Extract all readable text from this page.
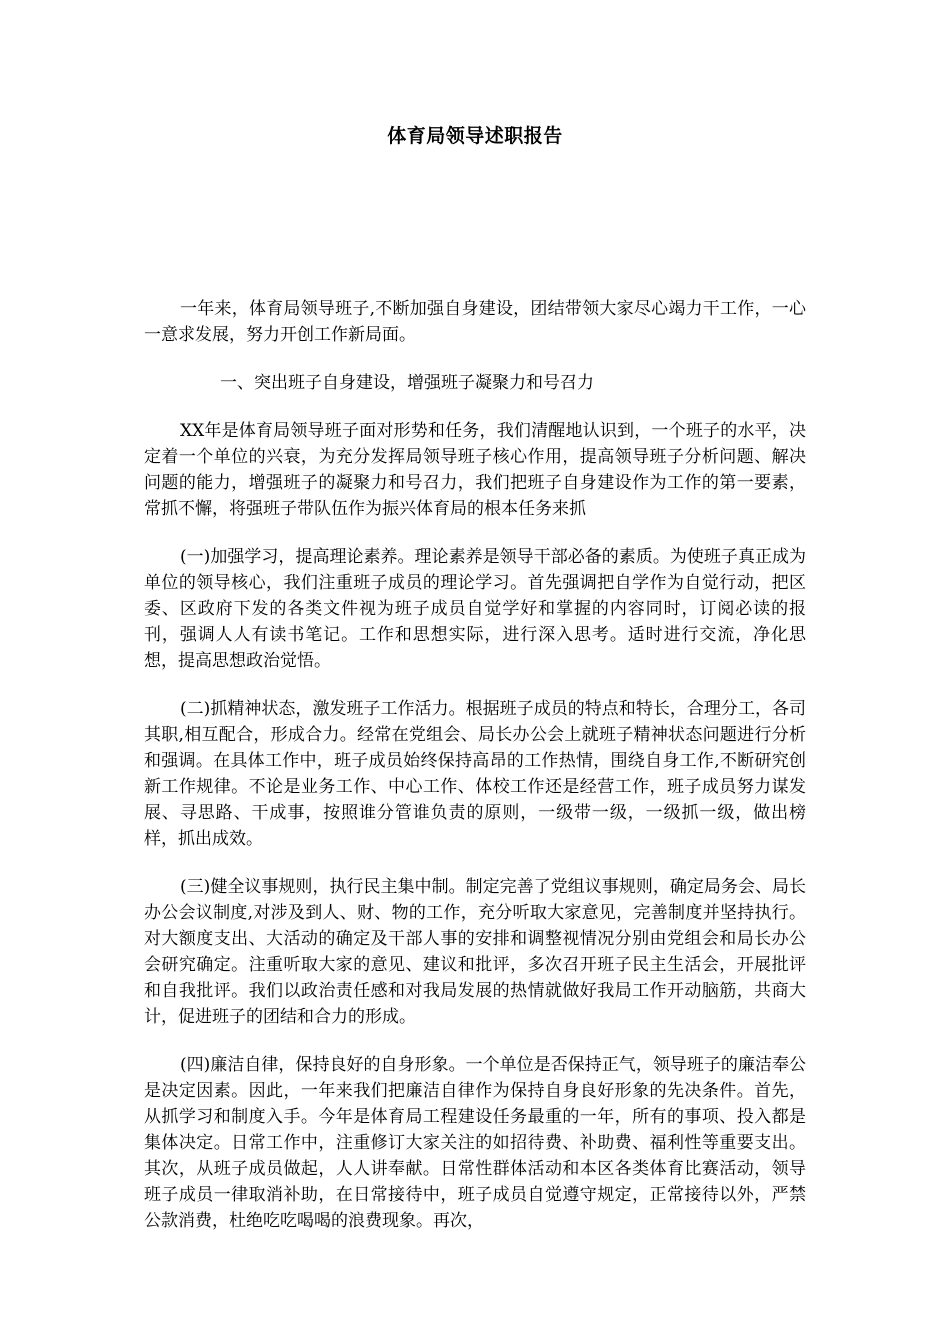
体育局领导述职报告

一年来，体育局领导班子,不断加强自身建设，团结带领大家尽心竭力干工作，一心一意求发展，努力开创工作新局面。

一、突出班子自身建设，增强班子凝聚力和号召力

XX年是体育局领导班子面对形势和任务，我们清醒地认识到，一个班子的水平，决定着一个单位的兴衰，为充分发挥局领导班子核心作用，提高领导班子分析问题、解决问题的能力，增强班子的凝聚力和号召力，我们把班子自身建设作为工作的第一要素，常抓不懈，将强班子带队伍作为振兴体育局的根本任务来抓

(一)加强学习，提高理论素养。理论素养是领导干部必备的素质。为使班子真正成为单位的领导核心，我们注重班子成员的理论学习。首先强调把自学作为自觉行动，把区委、区政府下发的各类文件视为班子成员自觉学好和掌握的内容同时，订阅必读的报刊，强调人人有读书笔记。工作和思想实际，进行深入思考。适时进行交流，净化思想，提高思想政治觉悟。

(二)抓精神状态，激发班子工作活力。根据班子成员的特点和特长，合理分工，各司其职,相互配合，形成合力。经常在党组会、局长办公会上就班子精神状态问题进行分析和强调。在具体工作中，班子成员始终保持高昂的工作热情，围绕自身工作,不断研究创新工作规律。不论是业务工作、中心工作、体校工作还是经营工作，班子成员努力谋发展、寻思路、干成事，按照谁分管谁负责的原则，一级带一级，一级抓一级，做出榜样，抓出成效。

(三)健全议事规则，执行民主集中制。制定完善了党组议事规则，确定局务会、局长办公会议制度,对涉及到人、财、物的工作，充分听取大家意见，完善制度并坚持执行。对大额度支出、大活动的确定及干部人事的安排和调整视情况分别由党组会和局长办公会研究确定。注重听取大家的意见、建议和批评，多次召开班子民主生活会，开展批评和自我批评。我们以政治责任感和对我局发展的热情就做好我局工作开动脑筋，共商大计，促进班子的团结和合力的形成。

(四)廉洁自律，保持良好的自身形象。一个单位是否保持正气，领导班子的廉洁奉公是决定因素。因此，一年来我们把廉洁自律作为保持自身良好形象的先决条件。首先，从抓学习和制度入手。今年是体育局工程建设任务最重的一年，所有的事项、投入都是集体决定。日常工作中，注重修订大家关注的如招待费、补助费、福利性等重要支出。其次，从班子成员做起，人人讲奉献。日常性群体活动和本区各类体育比赛活动，领导班子成员一律取消补助，在日常接待中，班子成员自觉遵守规定，正常接待以外，严禁公款消费，杜绝吃吃喝喝的浪费现象。再次，
